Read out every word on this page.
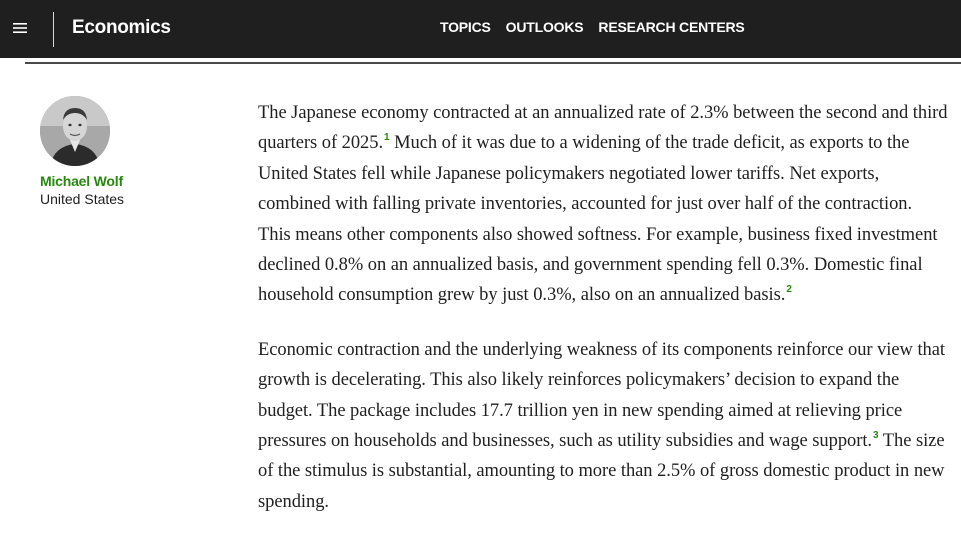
Economics	TOPICS OUTLOOKS RESEARCH CENTERS
Michael Wolf
United States

The Japanese economy contracted at an annualized rate of 2.3% between the second and third quarters of 2025.$^1$ Much of it was due to a widening of the trade deficit, as exports to the United States fell while Japanese policymakers negotiated lower tariffs. Net exports, combined with falling private inventories, accounted for just over half of the contraction. This means other components also showed softness. For example, business fixed investment declined 0.8% on an annualized basis, and government spending fell 0.3%. Domestic final household consumption grew by just 0.3%, also on an annualized basis.$^2$

Economic contraction and the underlying weakness of its components reinforce our view that growth is decelerating. This also likely reinforces policymakers’ decision to expand the budget. The package includes 17.7 trillion yen in new spending aimed at relieving price pressures on households and businesses, such as utility subsidies and wage support.$^3$ The size of the stimulus is substantial, amounting to more than 2.5% of gross domestic product in new spending.
